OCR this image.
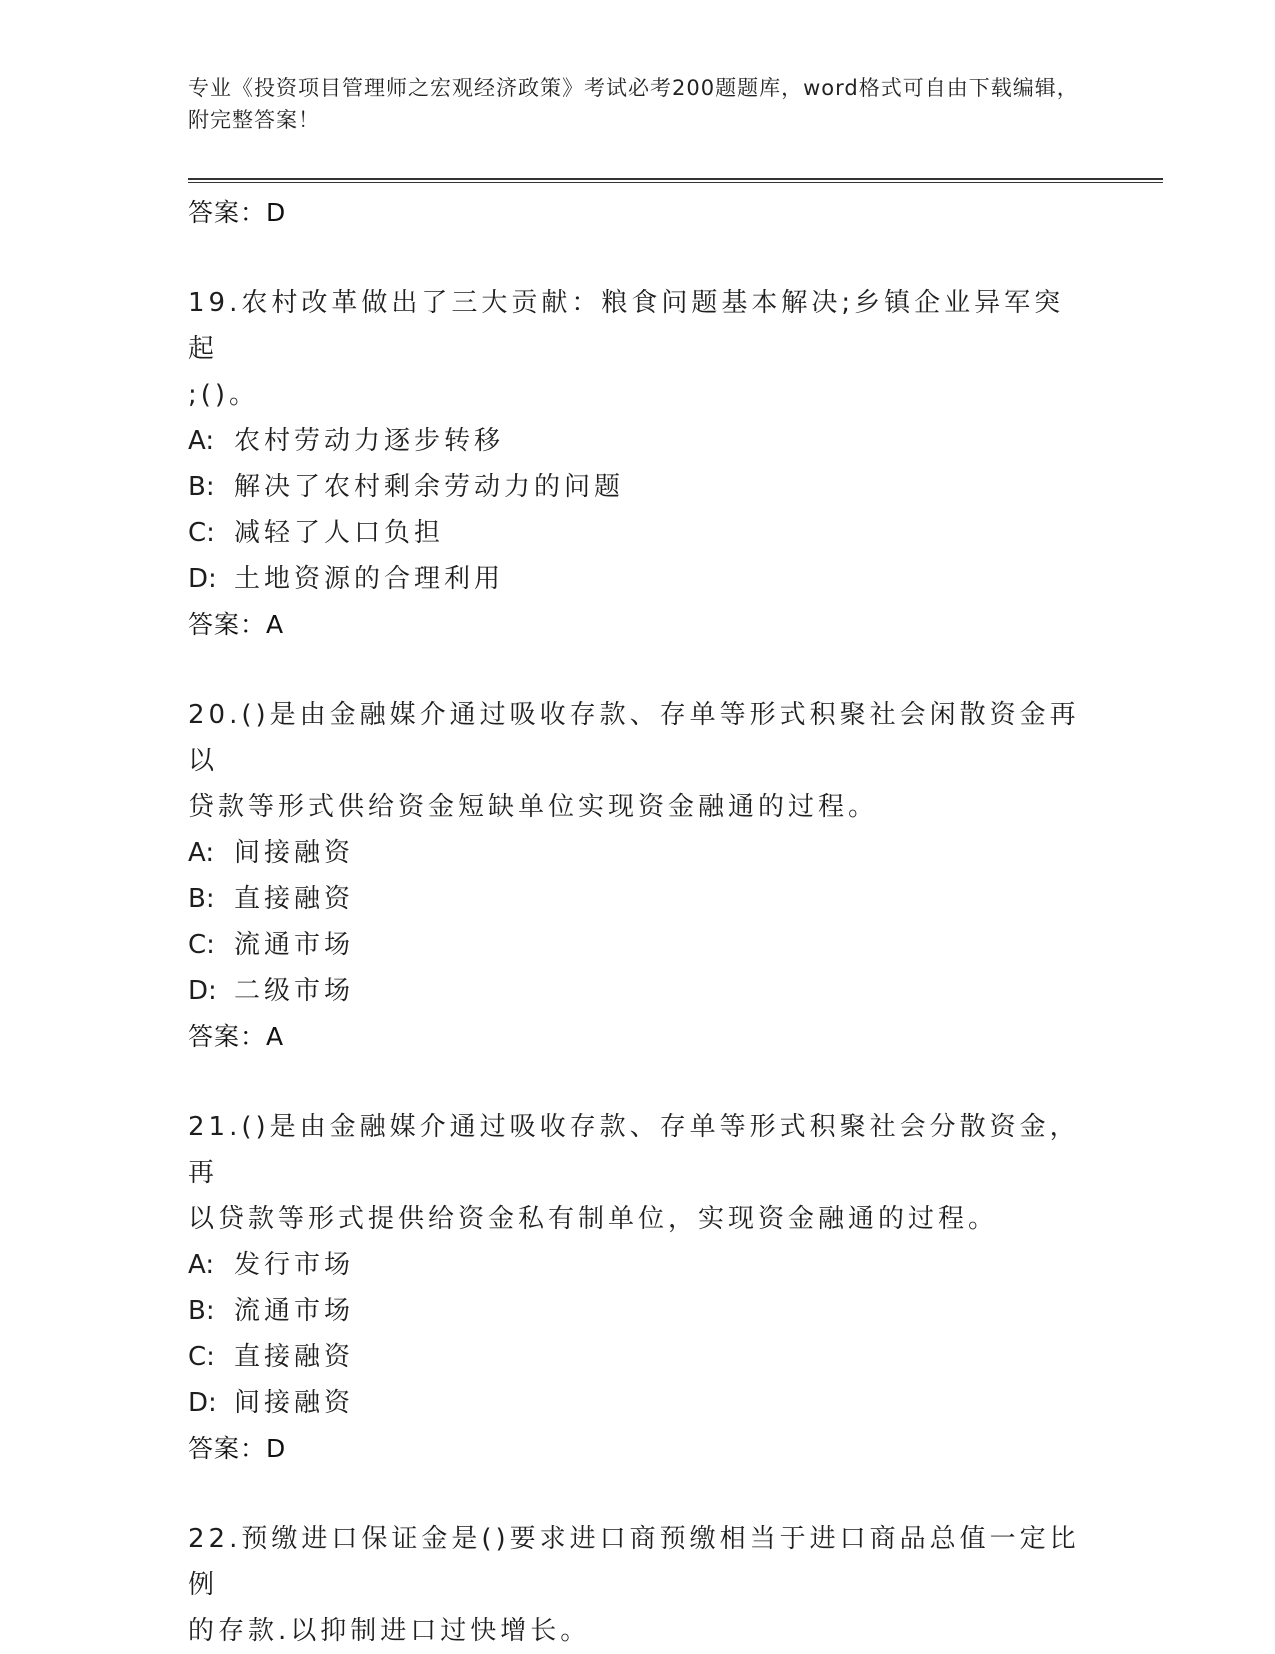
专业《投资项目管理师之宏观经济政策》考试必考200题题库，word格式可自由下载编辑，附完整答案！
答案：D
19.农村改革做出了三大贡献：粮食问题基本解决;乡镇企业异军突起
;()。
A: 农村劳动力逐步转移
B: 解决了农村剩余劳动力的问题
C: 减轻了人口负担
D: 土地资源的合理利用
答案：A
20.()是由金融媒介通过吸收存款、存单等形式积聚社会闲散资金再以
贷款等形式供给资金短缺单位实现资金融通的过程。
A: 间接融资
B: 直接融资
C: 流通市场
D: 二级市场
答案：A
21.()是由金融媒介通过吸收存款、存单等形式积聚社会分散资金，再
以贷款等形式提供给资金私有制单位，实现资金融通的过程。
A: 发行市场
B: 流通市场
C: 直接融资
D: 间接融资
答案：D
22.预缴进口保证金是()要求进口商预缴相当于进口商品总值一定比例
的存款.以抑制进口过快增长。
